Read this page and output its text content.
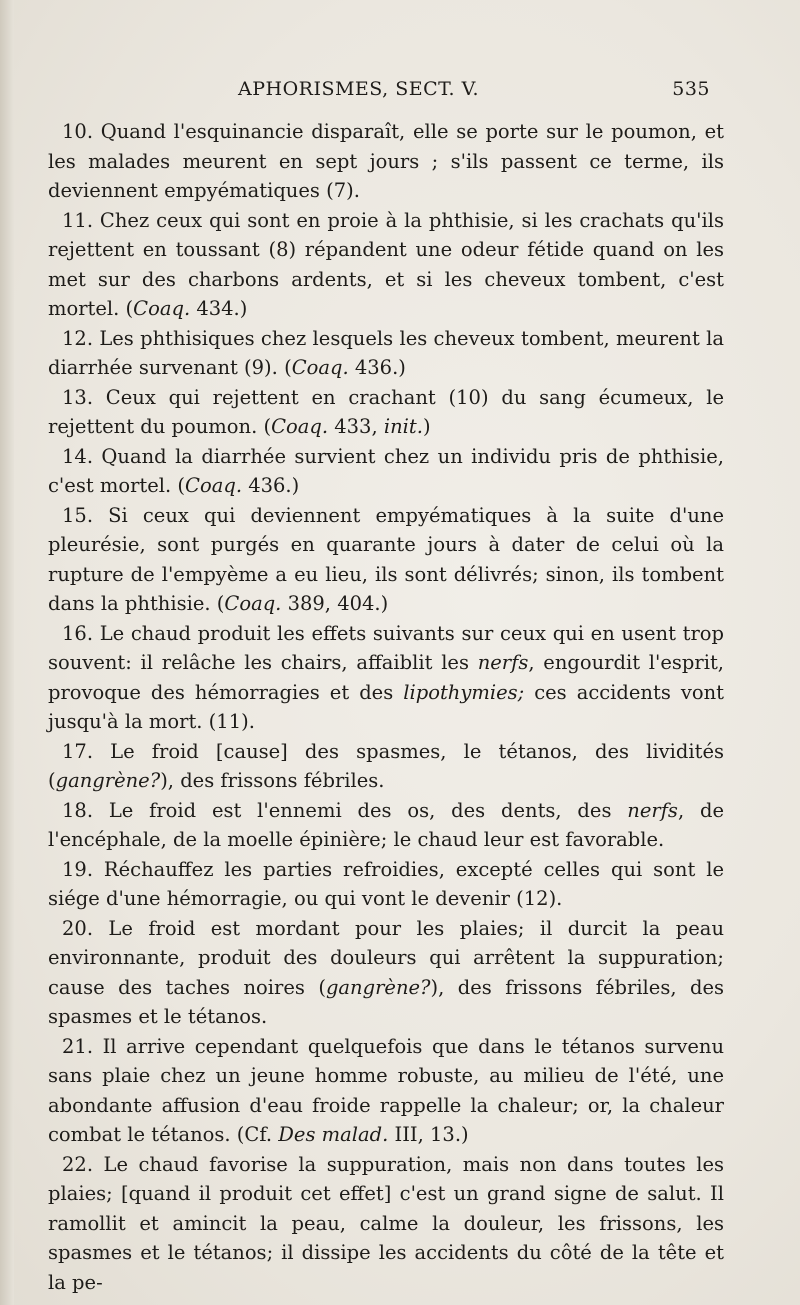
APHORISMES, SECT. V.	535

10. Quand l'esquinancie disparaît, elle se porte sur le poumon, et les malades meurent en sept jours ; s'ils passent ce terme, ils deviennent empyématiques (7).

11. Chez ceux qui sont en proie à la phthisie, si les crachats qu'ils rejettent en toussant (8) répandent une odeur fétide quand on les met sur des charbons ardents, et si les cheveux tombent, c'est mortel. (Coaq. 434.)

12. Les phthisiques chez lesquels les cheveux tombent, meurent la diarrhée survenant (9). (Coaq. 436.)

13. Ceux qui rejettent en crachant (10) du sang écumeux, le rejettent du poumon. (Coaq. 433, init.)

14. Quand la diarrhée survient chez un individu pris de phthisie, c'est mortel. (Coaq. 436.)

15. Si ceux qui deviennent empyématiques à la suite d'une pleurésie, sont purgés en quarante jours à dater de celui où la rupture de l'empyème a eu lieu, ils sont délivrés; sinon, ils tombent dans la phthisie. (Coaq. 389, 404.)

16. Le chaud produit les effets suivants sur ceux qui en usent trop souvent: il relâche les chairs, affaiblit les nerfs, engourdit l'esprit, provoque des hémorragies et des lipothymies; ces accidents vont jusqu'à la mort. (11).

17. Le froid [cause] des spasmes, le tétanos, des lividités (gangrène?), des frissons fébriles.

18. Le froid est l'ennemi des os, des dents, des nerfs, de l'encéphale, de la moelle épinière; le chaud leur est favorable.

19. Réchauffez les parties refroidies, excepté celles qui sont le siége d'une hémorragie, ou qui vont le devenir (12).

20. Le froid est mordant pour les plaies; il durcit la peau environnante, produit des douleurs qui arrêtent la suppuration; cause des taches noires (gangrène?), des frissons fébriles, des spasmes et le tétanos.

21. Il arrive cependant quelquefois que dans le tétanos survenu sans plaie chez un jeune homme robuste, au milieu de l'été, une abondante affusion d'eau froide rappelle la chaleur; or, la chaleur combat le tétanos. (Cf. Des malad. III, 13.)

22. Le chaud favorise la suppuration, mais non dans toutes les plaies; [quand il produit cet effet] c'est un grand signe de salut. Il ramollit et amincit la peau, calme la douleur, les frissons, les spasmes et le tétanos; il dissipe les accidents du côté de la tête et la pe-
